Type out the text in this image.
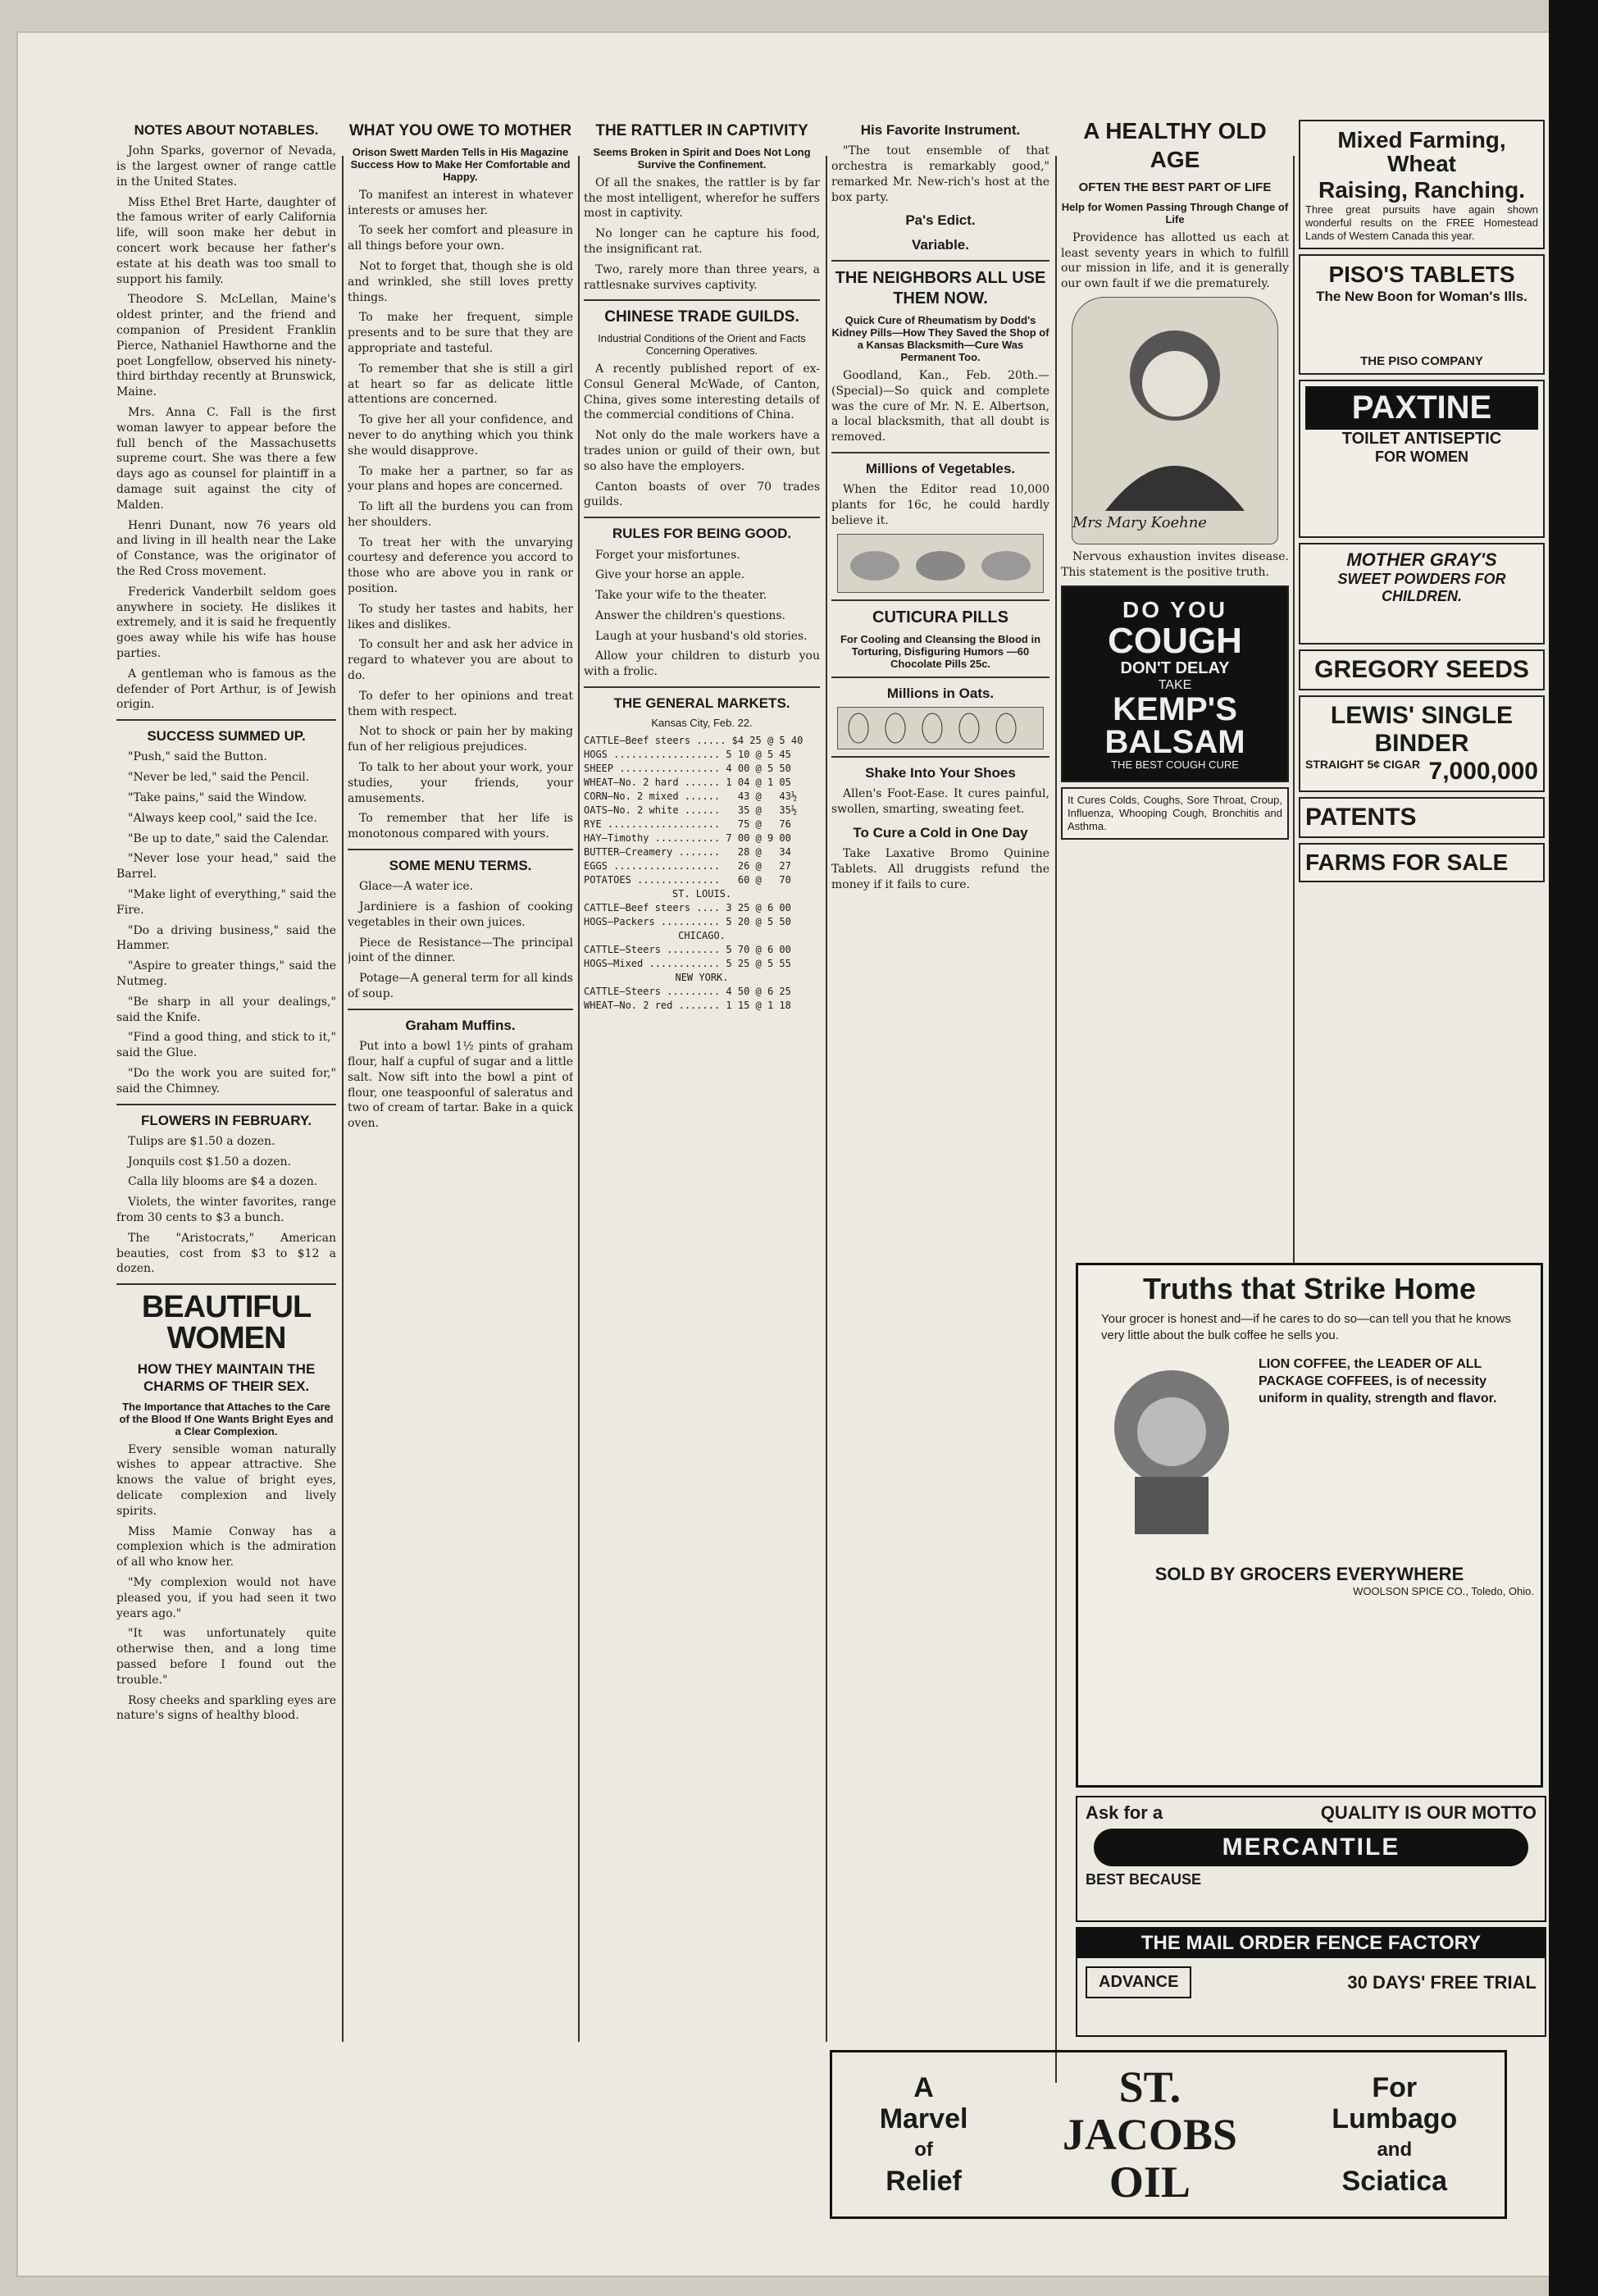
NOTES ABOUT NOTABLES.

John Sparks, governor of Nevada, is the largest owner of range cattle in the United States.

Miss Ethel Bret Harte, daughter of the famous writer of early California life, will soon make her debut in concert work because her father's estate at his death was too small to support his family.

Theodore S. McLellan, Maine's oldest printer, and the friend and companion of President Franklin Pierce, Nathaniel Hawthorne and the poet Longfellow, observed his ninety-third birthday recently at Brunswick, Maine.

Mrs. Anna C. Fall is the first woman lawyer to appear before the full bench of the Massachusetts supreme court. She was there a few days ago as counsel for plaintiff in a damage suit against the city of Malden.

Henri Dunant, now 76 years old and living in ill health near the Lake of Constance, was the originator of the Red Cross movement.

Frederick Vanderbilt seldom goes anywhere in society. He dislikes it extremely, and it is said he frequently goes away while his wife has house parties.

A gentleman who is famous as the defender of Port Arthur, is of Jewish origin.

SUCCESS SUMMED UP.

"Push," said the Button.

"Never be led," said the Pencil.

"Take pains," said the Window.

"Always keep cool," said the Ice.

"Be up to date," said the Calendar.

"Never lose your head," said the Barrel.

"Make light of everything," said the Fire.

"Do a driving business," said the Hammer.

"Aspire to greater things," said the Nutmeg.

"Be sharp in all your dealings," said the Knife.

"Find a good thing, and stick to it," said the Glue.

"Do the work you are suited for," said the Chimney.

FLOWERS IN FEBRUARY.

Tulips are $1.50 a dozen.

Jonquils cost $1.50 a dozen.

Calla lily blooms are $4 a dozen.

Violets, the winter favorites, range from 30 cents to $3 a bunch.

The "Aristocrats," American beauties, cost from $3 to $12 a dozen.

BEAUTIFUL WOMEN
HOW THEY MAINTAIN THE CHARMS OF THEIR SEX.
The Importance that Attaches to the Care of the Blood If One Wants Bright Eyes and a Clear Complexion.

Every sensible woman naturally wishes to appear attractive. She knows the value of bright eyes, delicate complexion and lively spirits.

Miss Mamie Conway has a complexion which is the admiration of all who know her.

"My complexion would not have pleased you, if you had seen it two years ago."

"It was unfortunately quite otherwise then, and a long time passed before I found out the trouble."

Rosy cheeks and sparkling eyes are nature's signs of healthy blood.

WHAT YOU OWE TO MOTHER
Orison Swett Marden Tells in His Magazine Success How to Make Her Comfortable and Happy.

To manifest an interest in whatever interests or amuses her.

To seek her comfort and pleasure in all things before your own.

Not to forget that, though she is old and wrinkled, she still loves pretty things.

To make her frequent, simple presents and to be sure that they are appropriate and tasteful.

To remember that she is still a girl at heart so far as delicate little attentions are concerned.

To give her all your confidence, and never to do anything which you think she would disapprove.

To make her a partner, so far as your plans and hopes are concerned.

To lift all the burdens you can from her shoulders.

To treat her with the unvarying courtesy and deference you accord to those who are above you in rank or position.

To study her tastes and habits, her likes and dislikes.

To consult her and ask her advice in regard to whatever you are about to do.

To defer to her opinions and treat them with respect.

Not to shock or pain her by making fun of her religious prejudices.

To talk to her about your work, your studies, your friends, your amusements.

To remember that her life is monotonous compared with yours.

SOME MENU TERMS.

Glace—A water ice.

Jardiniere is a fashion of cooking vegetables in their own juices.

Piece de Resistance—The principal joint of the dinner.

Potage—A general term for all kinds of soup.

Graham Muffins.

Put into a bowl 1½ pints of graham flour, half a cupful of sugar and a little salt. Now sift into the bowl a pint of flour, one teaspoonful of saleratus and two of cream of tartar. Bake in a quick oven.

THE RATTLER IN CAPTIVITY
Seems Broken in Spirit and Does Not Long Survive the Confinement.

Of all the snakes, the rattler is by far the most intelligent, wherefor he suffers most in captivity.

No longer can he capture his food, the insignificant rat.

Two, rarely more than three years, a rattlesnake survives captivity.

CHINESE TRADE GUILDS.
Industrial Conditions of the Orient and Facts Concerning Operatives.

A recently published report of ex-Consul General McWade, of Canton, China, gives some interesting details of the commercial conditions of China.

Not only do the male workers have a trades union or guild of their own, but so also have the employers.

Canton boasts of over 70 trades guilds.

RULES FOR BEING GOOD.

Forget your misfortunes.

Give your horse an apple.

Take your wife to the theater.

Answer the children's questions.

Laugh at your husband's old stories.

Allow your children to disturb you with a frolic.

THE GENERAL MARKETS.
Kansas City, Feb. 22.
CATTLE—Beef steers ..... $4 25 @ 5 40
HOGS .................. 5 10 @ 5 45
SHEEP ................. 4 00 @ 5 50
WHEAT—No. 2 hard ...... 1 04 @ 1 05
CORN—No. 2 mixed ......   43 @   43½
OATS—No. 2 white ......   35 @   35½
RYE ...................   75 @   76
HAY—Timothy ........... 7 00 @ 9 00
BUTTER—Creamery .......   28 @   34
EGGS ..................   26 @   27
POTATOES ..............   60 @   70
ST. LOUIS.
CATTLE—Beef steers .... 3 25 @ 6 00
HOGS—Packers .......... 5 20 @ 5 50
CHICAGO.
CATTLE—Steers ......... 5 70 @ 6 00
HOGS—Mixed ............ 5 25 @ 5 55
NEW YORK.
CATTLE—Steers ......... 4 50 @ 6 25
WHEAT—No. 2 red ....... 1 15 @ 1 18
His Favorite Instrument.

"The tout ensemble of that orchestra is remarkably good," remarked Mr. New-rich's host at the box party.

Pa's Edict.
Variable.
THE NEIGHBORS ALL USE THEM NOW.
Quick Cure of Rheumatism by Dodd's Kidney Pills—How They Saved the Shop of a Kansas Blacksmith—Cure Was Permanent Too.

Goodland, Kan., Feb. 20th.—(Special)—So quick and complete was the cure of Mr. N. E. Albertson, a local blacksmith, that all doubt is removed.

Millions of Vegetables.

When the Editor read 10,000 plants for 16c, he could hardly believe it.

CUTICURA PILLS
For Cooling and Cleansing the Blood in Torturing, Disfiguring Humors —60 Chocolate Pills 25c.
Millions in Oats.
Shake Into Your Shoes

Allen's Foot-Ease. It cures painful, swollen, smarting, sweating feet.

To Cure a Cold in One Day

Take Laxative Bromo Quinine Tablets. All druggists refund the money if it fails to cure.

A HEALTHY OLD AGE
OFTEN THE BEST PART OF LIFE
Help for Women Passing Through Change of Life

Providence has allotted us each at least seventy years in which to fulfill our mission in life, and it is generally our own fault if we die prematurely.

Mrs Mary Koehne

Nervous exhaustion invites disease. This statement is the positive truth.

DO YOU
COUGH
DON'T DELAY
TAKE
KEMP'S
BALSAM
THE BEST COUGH CURE
It Cures Colds, Coughs, Sore Throat, Croup, Influenza, Whooping Cough, Bronchitis and Asthma.
Truths that Strike Home
Your grocer is honest and—if he cares to do so—can tell you that he knows very little about the bulk coffee he sells you.
LION COFFEE, the LEADER OF ALL PACKAGE COFFEES, is of necessity uniform in quality, strength and flavor.
SOLD BY GROCERS EVERYWHERE
WOOLSON SPICE CO., Toledo, Ohio.
Ask for a	QUALITY IS OUR MOTTO
MERCANTILE
BEST BECAUSE
THE MAIL ORDER FENCE FACTORY
ADVANCE	30 DAYS' FREE TRIAL
Mixed Farming, Wheat
Raising, Ranching.
Three great pursuits have again shown wonderful results on the FREE Homestead Lands of Western Canada this year.
PISO'S TABLETS
The New Boon for Woman's Ills.
THE PISO COMPANY
PAXTINE
TOILET ANTISEPTIC
FOR WOMEN
MOTHER GRAY'S
SWEET POWDERS FOR CHILDREN.
GREGORY SEEDS
LEWIS' SINGLE BINDER
STRAIGHT 5¢ CIGAR 7,000,000
PATENTS
FARMS FOR SALE
A
Marvel
of
Relief
ST.
JACOBS
OIL
For
Lumbago
and
Sciatica
